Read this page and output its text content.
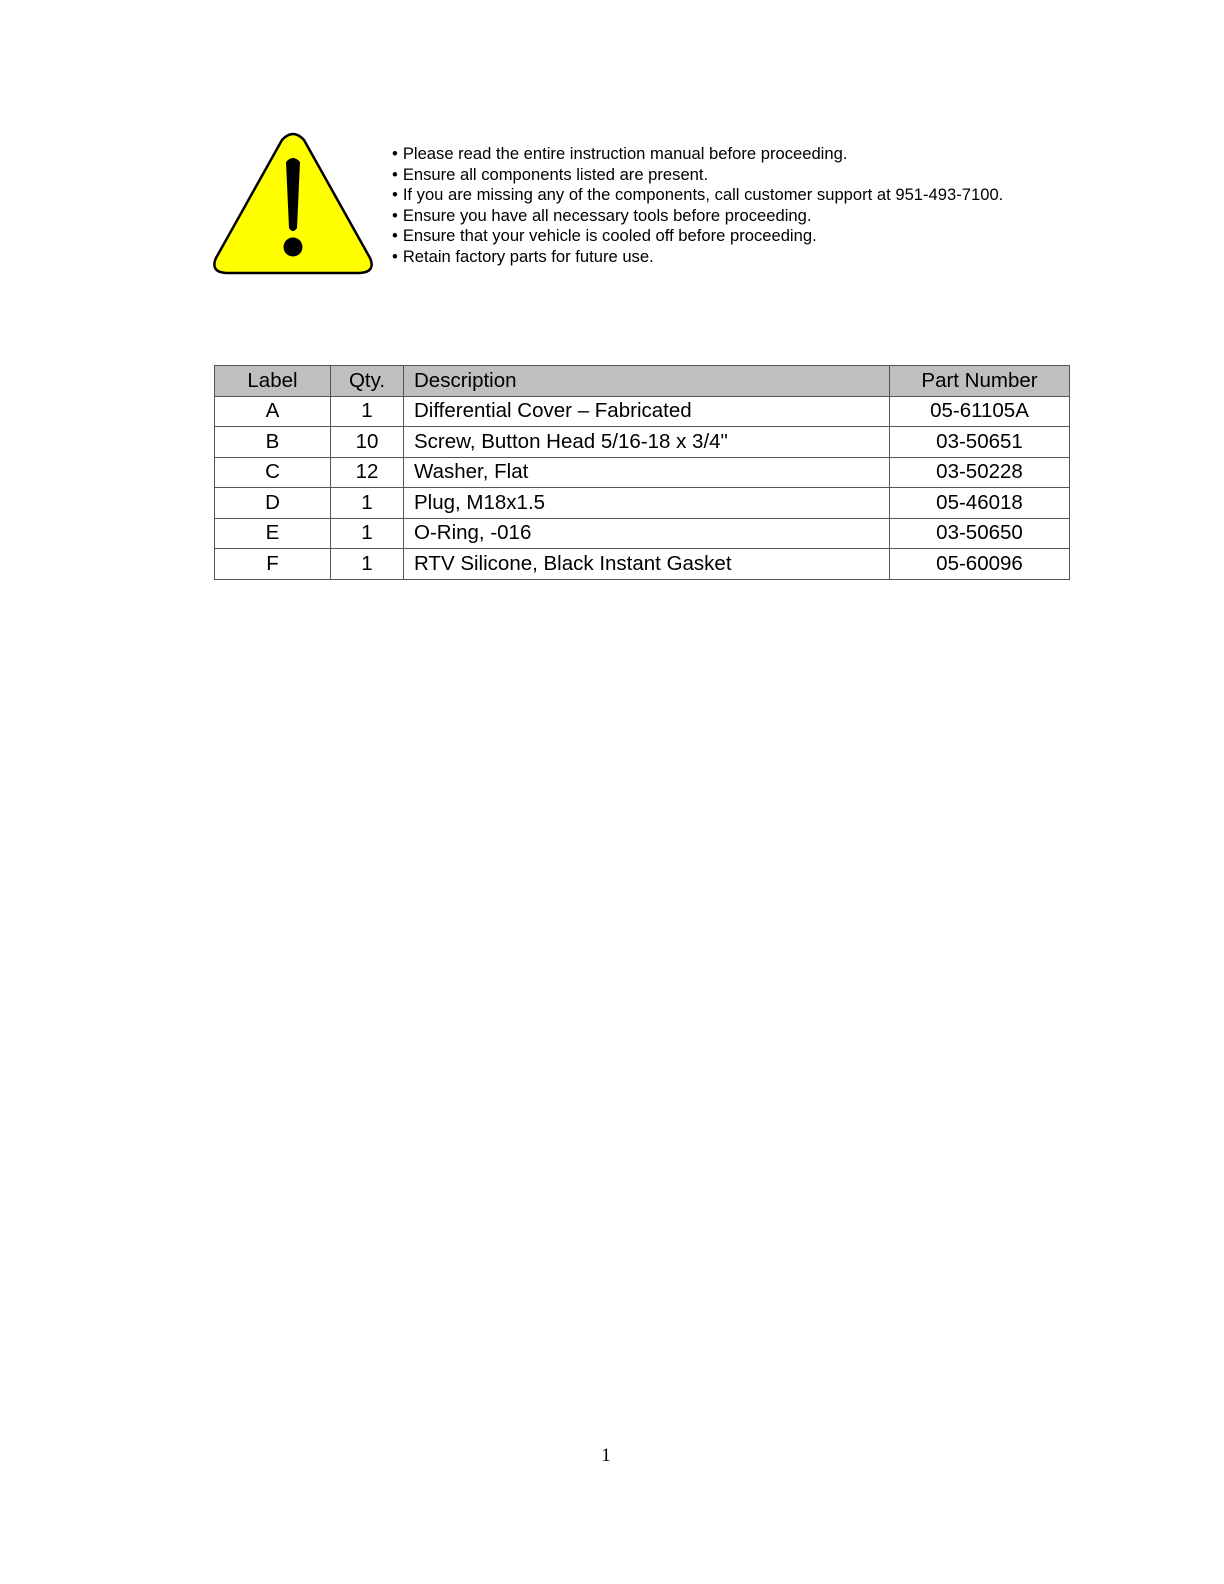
• Please read the entire instruction manual before proceeding.
• Ensure all components listed are present.
• If you are missing any of the components, call customer support at 951-493-7100.
• Ensure you have all necessary tools before proceeding.
• Ensure that your vehicle is cooled off before proceeding.
• Retain factory parts for future use.
Label	Qty.	Description	Part Number
A	1	Differential Cover – Fabricated	05-61105A
B	10	Screw, Button Head 5/16-18 x 3/4"	03-50651
C	12	Washer, Flat	03-50228
D	1	Plug, M18x1.5	05-46018
E	1	O-Ring, -016	03-50650
F	1	RTV Silicone, Black Instant Gasket	05-60096
1
